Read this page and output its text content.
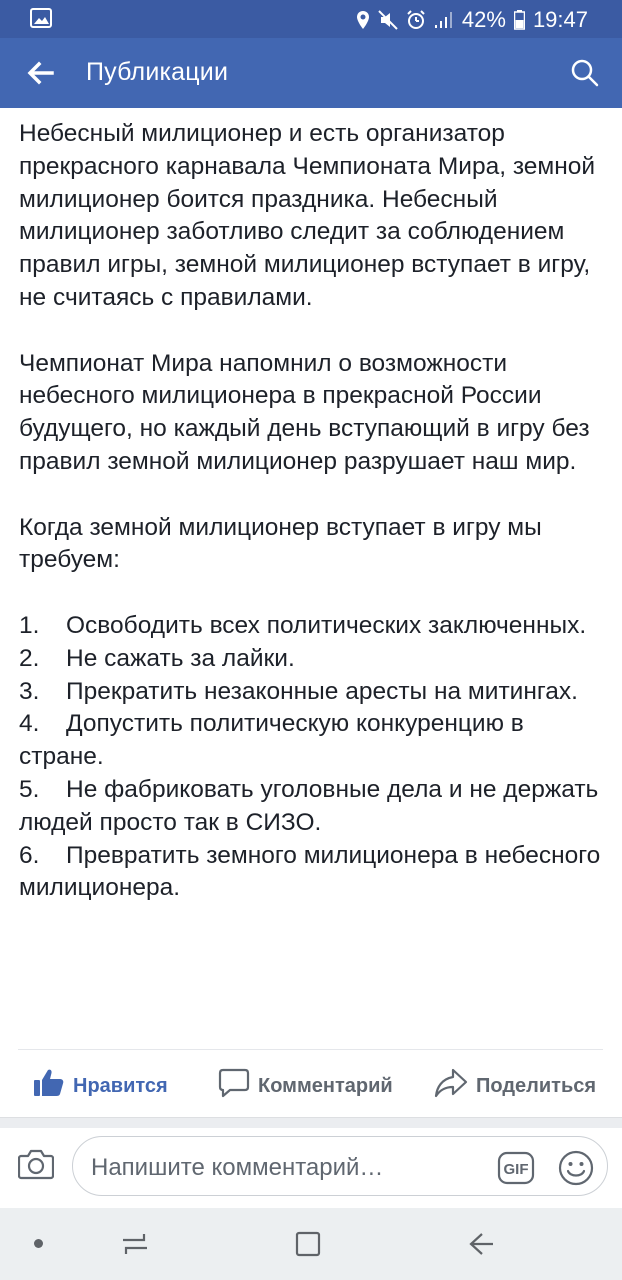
42% 19:47
Публикации

Небесный милиционер и есть организатор прекрасного карнавала Чемпионата Мира, земной милиционер боится праздника. Небесный милиционер заботливо следит за соблюдением правил игры, земной милиционер вступает в игру, не считаясь с правилами.

Чемпионат Мира напомнил о возможности небесного милиционера в прекрасной России будущего, но каждый день вступающий в игру без правил земной милиционер разрушает наш мир.

Когда земной милиционер вступает в игру мы требуем:

1. Освободить всех политических заключенных.

2. Не сажать за лайки.

3. Прекратить незаконные аресты на митингах.

4. Допустить политическую конкуренцию в стране.

5. Не фабриковать уголовные дела и не держать людей просто так в СИЗО.

6. Превратить земного милиционера в небесного милиционера.

Нравится	Комментарий	Поделиться
Напишите комментарий…
GIF
